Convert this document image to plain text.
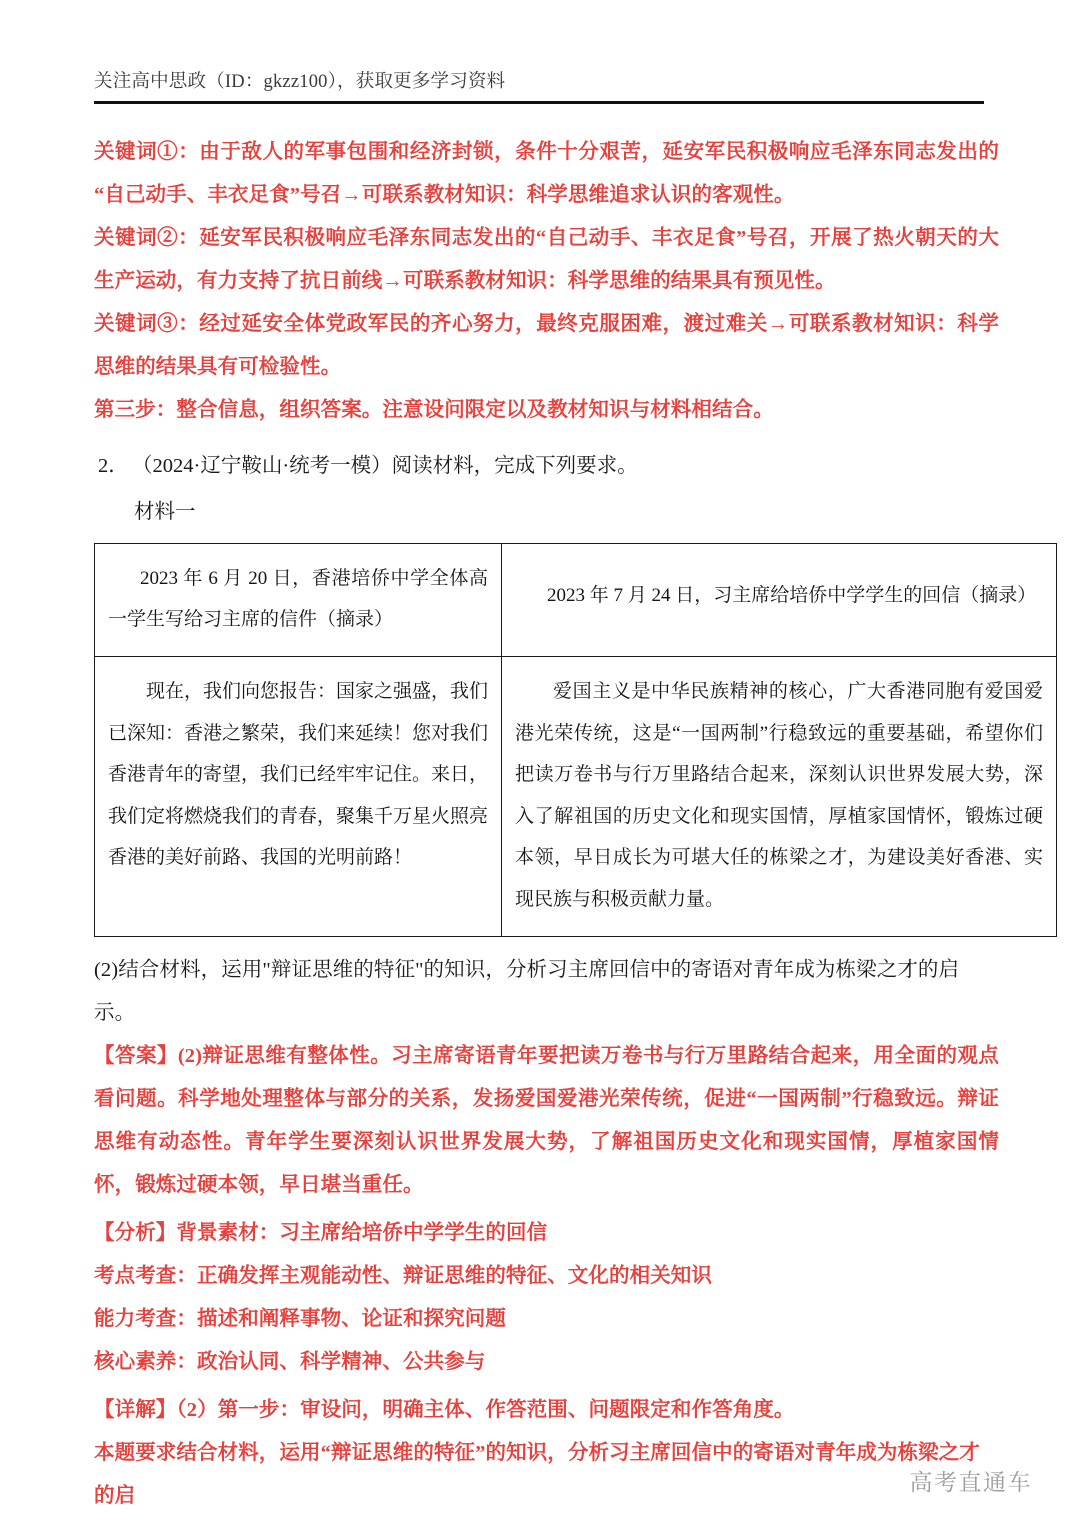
关注高中思政（ID：gkzz100），获取更多学习资料

关键词①：由于敌人的军事包围和经济封锁，条件十分艰苦，延安军民积极响应毛泽东同志发出的“自己动手、丰衣足食”号召→可联系教材知识：科学思维追求认识的客观性。

关键词②：延安军民积极响应毛泽东同志发出的“自己动手、丰衣足食”号召，开展了热火朝天的大生产运动，有力支持了抗日前线→可联系教材知识：科学思维的结果具有预见性。

关键词③：经过延安全体党政军民的齐心努力，最终克服困难，渡过难关→可联系教材知识：科学思维的结果具有可检验性。

第三步：整合信息，组织答案。注意设问限定以及教材知识与材料相结合。

2． （2024·辽宁鞍山·统考一模）阅读材料，完成下列要求。
材料一
2023 年 6 月 20 日，香港培侨中学全体高一学生写给习主席的信件（摘录）	2023 年 7 月 24 日，习主席给培侨中学学生的回信（摘录）

现在，我们向您报告：国家之强盛，我们已深知：香港之繁荣，我们来延续！您对我们香港青年的寄望，我们已经牢牢记住。来日，我们定将燃烧我们的青春，聚集千万星火照亮香港的美好前路、我国的光明前路！	爱国主义是中华民族精神的核心，广大香港同胞有爱国爱港光荣传统，这是“一国两制”行稳致远的重要基础，希望你们把读万卷书与行万里路结合起来，深刻认识世界发展大势，深入了解祖国的历史文化和现实国情，厚植家国情怀，锻炼过硬本领，早日成长为可堪大任的栋梁之才，为建设美好香港、实现民族与积极贡献力量。

(2)结合材料，运用"辩证思维的特征"的知识，分析习主席回信中的寄语对青年成为栋梁之才的启示。

【答案】(2)辩证思维有整体性。习主席寄语青年要把读万卷书与行万里路结合起来，用全面的观点看问题。科学地处理整体与部分的关系，发扬爱国爱港光荣传统，促进“一国两制”行稳致远。辩证思维有动态性。青年学生要深刻认识世界发展大势，了解祖国历史文化和现实国情，厚植家国情怀，锻炼过硬本领，早日堪当重任。

【分析】背景素材：习主席给培侨中学学生的回信

考点考查：正确发挥主观能动性、辩证思维的特征、文化的相关知识

能力考查：描述和阐释事物、论证和探究问题

核心素养：政治认同、科学精神、公共参与

【详解】（2）第一步：审设问，明确主体、作答范围、问题限定和作答角度。

本题要求结合材料，运用“辩证思维的特征”的知识，分析习主席回信中的寄语对青年成为栋梁之才的启

高考直通车
